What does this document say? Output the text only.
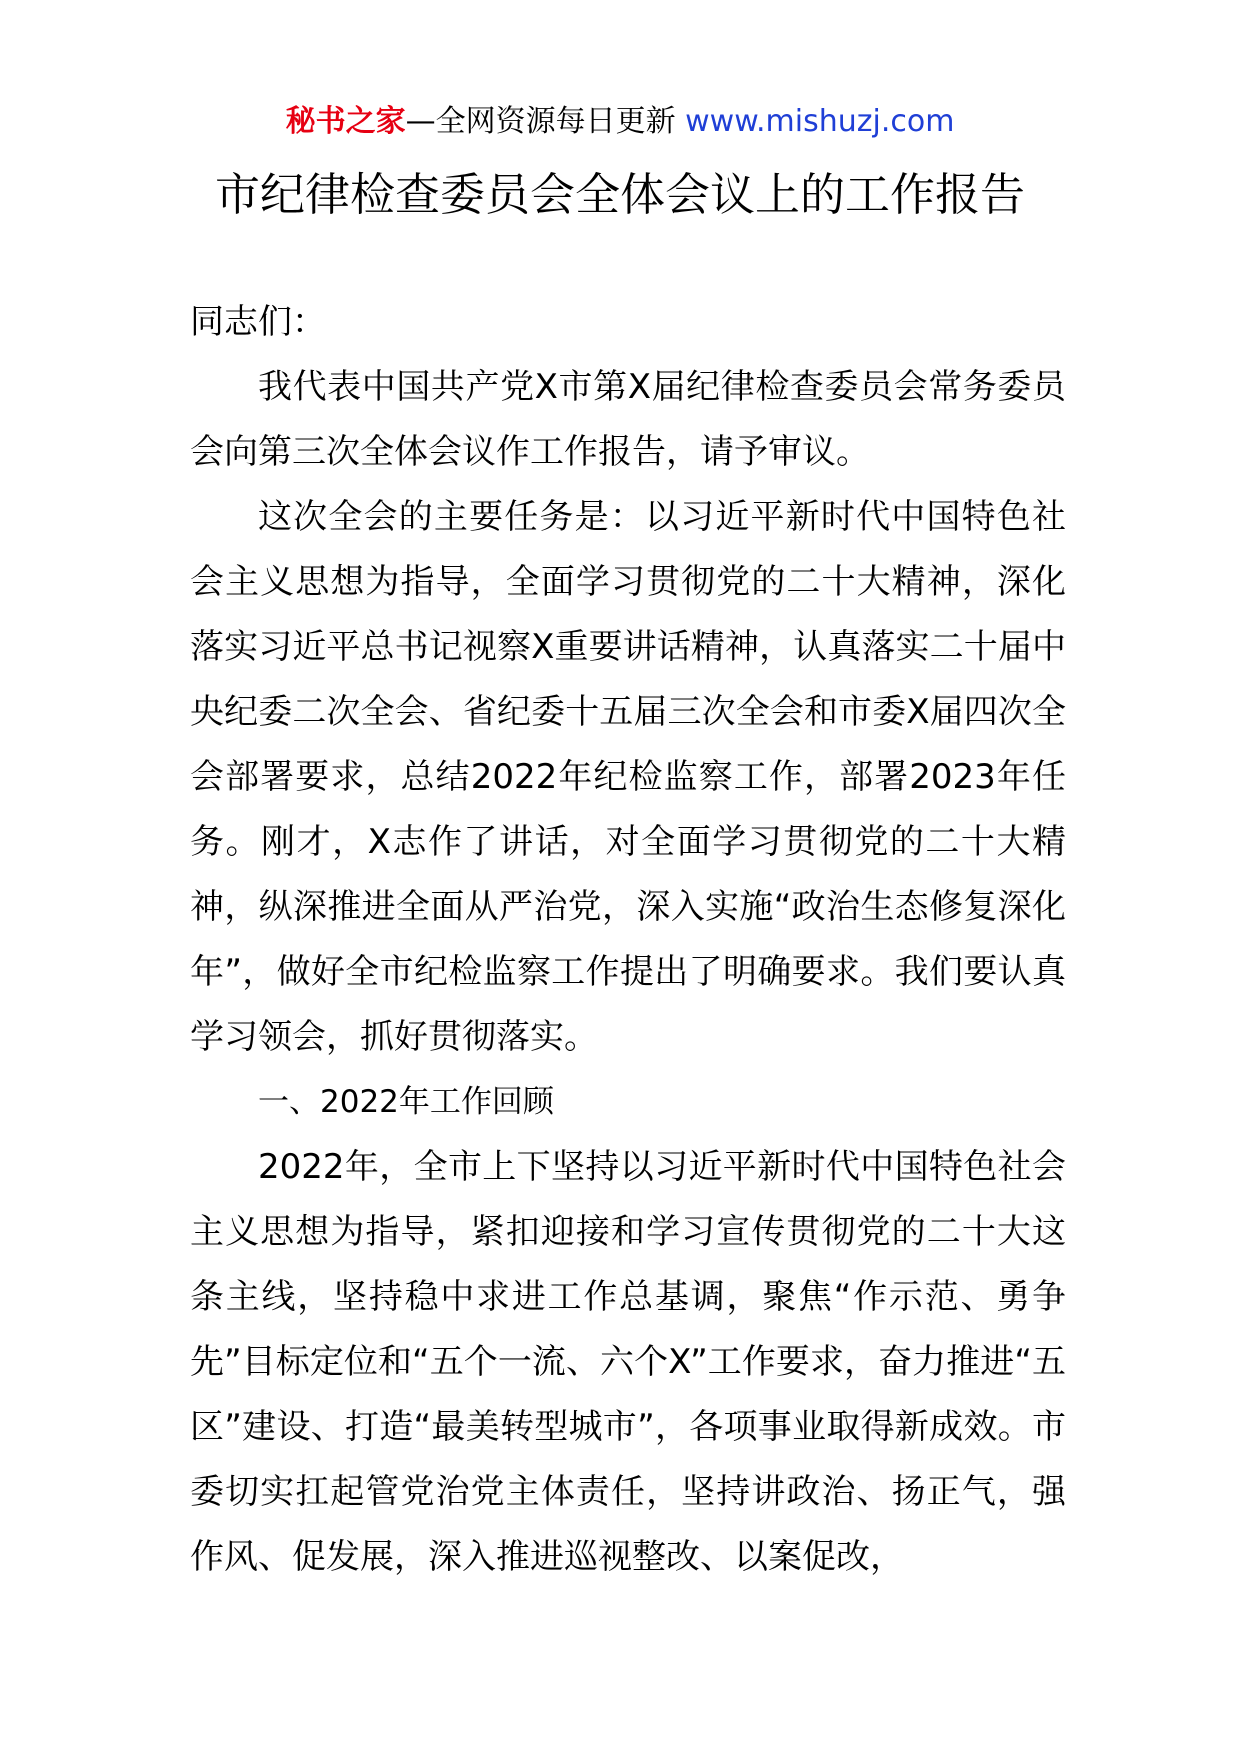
秘书之家—全网资源每日更新 www.mishuzj.com
市纪律检查委员会全体会议上的工作报告

同志们：

我代表中国共产党X市第X届纪律检查委员会常务委员会向第三次全体会议作工作报告，请予审议。

这次全会的主要任务是：以习近平新时代中国特色社会主义思想为指导，全面学习贯彻党的二十大精神，深化落实习近平总书记视察X重要讲话精神，认真落实二十届中央纪委二次全会、省纪委十五届三次全会和市委X届四次全会部署要求，总结2022年纪检监察工作，部署2023年任务。刚才，X志作了讲话，对全面学习贯彻党的二十大精神，纵深推进全面从严治党，深入实施“政治生态修复深化年”，做好全市纪检监察工作提出了明确要求。我们要认真学习领会，抓好贯彻落实。

一、2022年工作回顾

2022年，全市上下坚持以习近平新时代中国特色社会主义思想为指导，紧扣迎接和学习宣传贯彻党的二十大这条主线，坚持稳中求进工作总基调，聚焦“作示范、勇争先”目标定位和“五个一流、六个X”工作要求，奋力推进“五区”建设、打造“最美转型城市”，各项事业取得新成效。市委切实扛起管党治党主体责任，坚持讲政治、扬正气，强作风、促发展，深入推进巡视整改、以案促改，
